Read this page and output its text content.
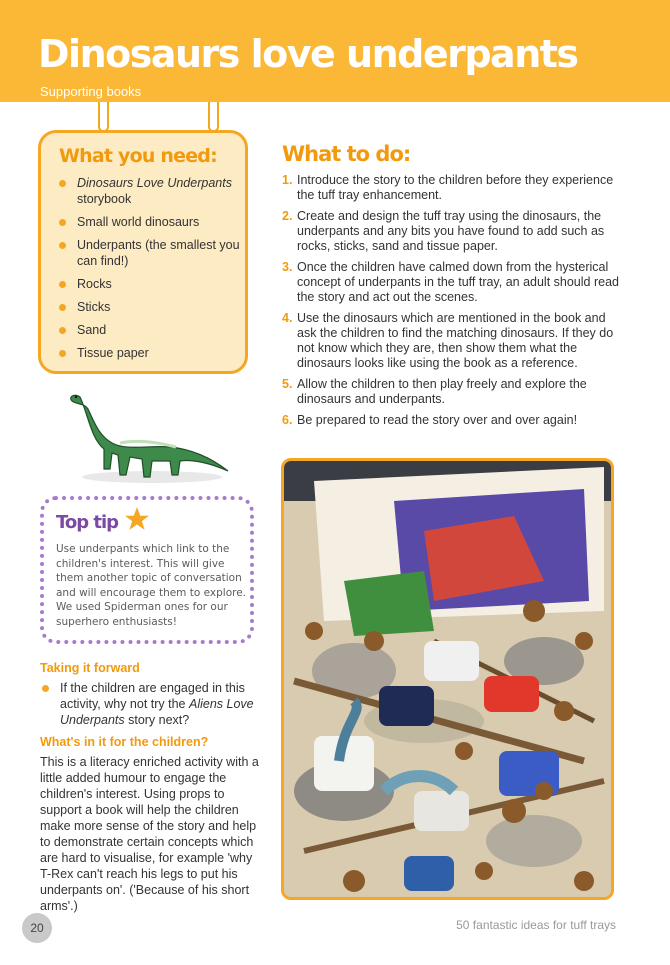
Dinosaurs love underpants
Supporting books
What you need:
Dinosaurs Love Underpants
storybook
Small world dinosaurs
Underpants (the smallest you can find!)
Rocks
Sticks
Sand
Tissue paper
Top tip
Use underpants which link to the children's interest. This will give them another topic of conversation and will encourage them to explore. We used Spiderman ones for our superhero enthusiasts!
Taking it forward
If the children are engaged in this activity, why not try the Aliens Love Underpants story next?
What's in it for the children?

This is a literacy enriched activity with a little added humour to engage the children's interest. Using props to support a book will help the children make more sense of the story and help to demonstrate certain concepts which are hard to visualise, for example 'why T-Rex can't reach his legs to put his underpants on'. ('Because of his short arms'.)

What to do:
1. Introduce the story to the children before they experience the tuff tray enhancement.
2. Create and design the tuff tray using the dinosaurs, the underpants and any bits you have found to add such as rocks, sticks, sand and tissue paper.
3. Once the children have calmed down from the hysterical concept of underpants in the tuff tray, an adult should read the story and act out the scenes.
4. Use the dinosaurs which are mentioned in the book and ask the children to find the matching dinosaurs. If they do not know which they are, then show them what the dinosaurs looks like using the book as a reference.
5. Allow the children to then play freely and explore the dinosaurs and underpants.
6. Be prepared to read the story over and over again!
20	50 fantastic ideas for tuff trays
